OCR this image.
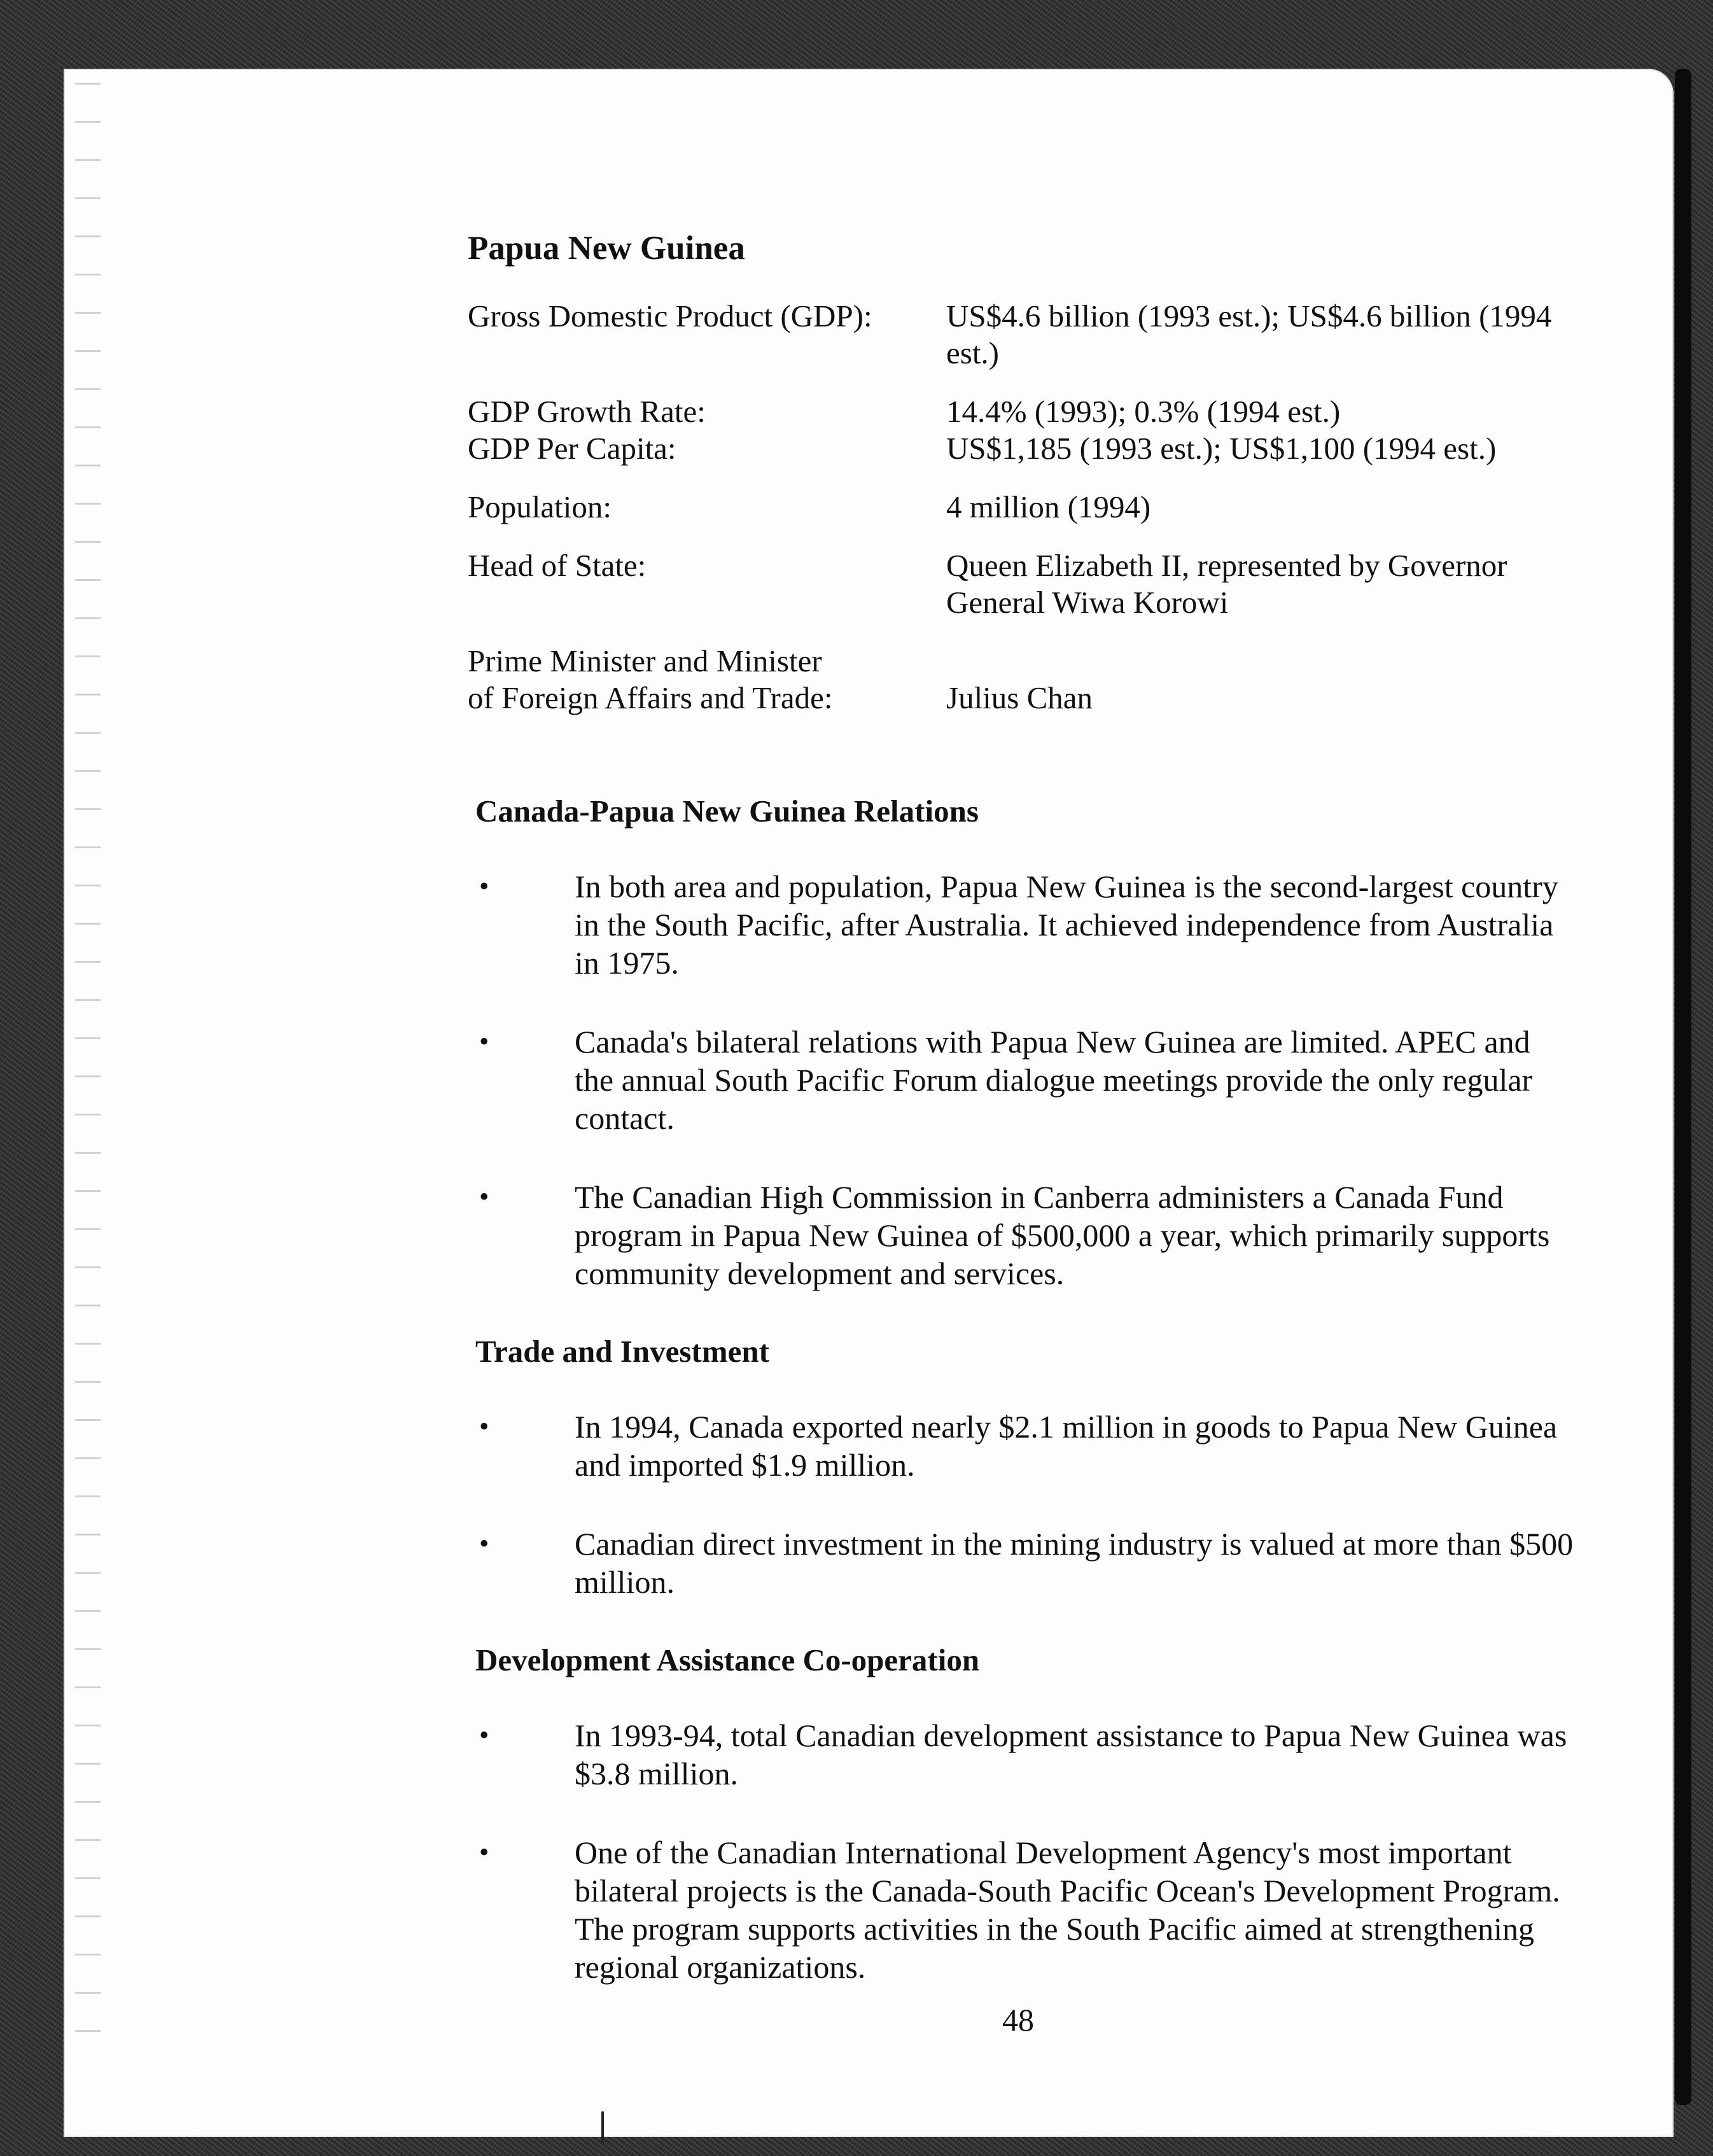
Papua New Guinea
Gross Domestic Product (GDP):	US$4.6 billion (1993 est.); US$4.6 billion (1994 est.)
GDP Growth Rate:	14.4% (1993); 0.3% (1994 est.)
GDP Per Capita:	US$1,185 (1993 est.); US$1,100 (1994 est.)
Population:	4 million (1994)
Head of State:	Queen Elizabeth II, represented by Governor General Wiwa Korowi
Prime Minister and Minister
of Foreign Affairs and Trade:	Julius Chan
Canada-Papua New Guinea Relations
•	In both area and population, Papua New Guinea is the second-largest country in the South Pacific, after Australia. It achieved independence from Australia in 1975.
•	Canada's bilateral relations with Papua New Guinea are limited. APEC and the annual South Pacific Forum dialogue meetings provide the only regular contact.
•	The Canadian High Commission in Canberra administers a Canada Fund program in Papua New Guinea of $500,000 a year, which primarily supports community development and services.
Trade and Investment
•	In 1994, Canada exported nearly $2.1 million in goods to Papua New Guinea and imported $1.9 million.
•	Canadian direct investment in the mining industry is valued at more than $500 million.
Development Assistance Co-operation
•	In 1993-94, total Canadian development assistance to Papua New Guinea was $3.8 million.
•	One of the Canadian International Development Agency's most important bilateral projects is the Canada-South Pacific Ocean's Development Program. The program supports activities in the South Pacific aimed at strengthening regional organizations.
48
